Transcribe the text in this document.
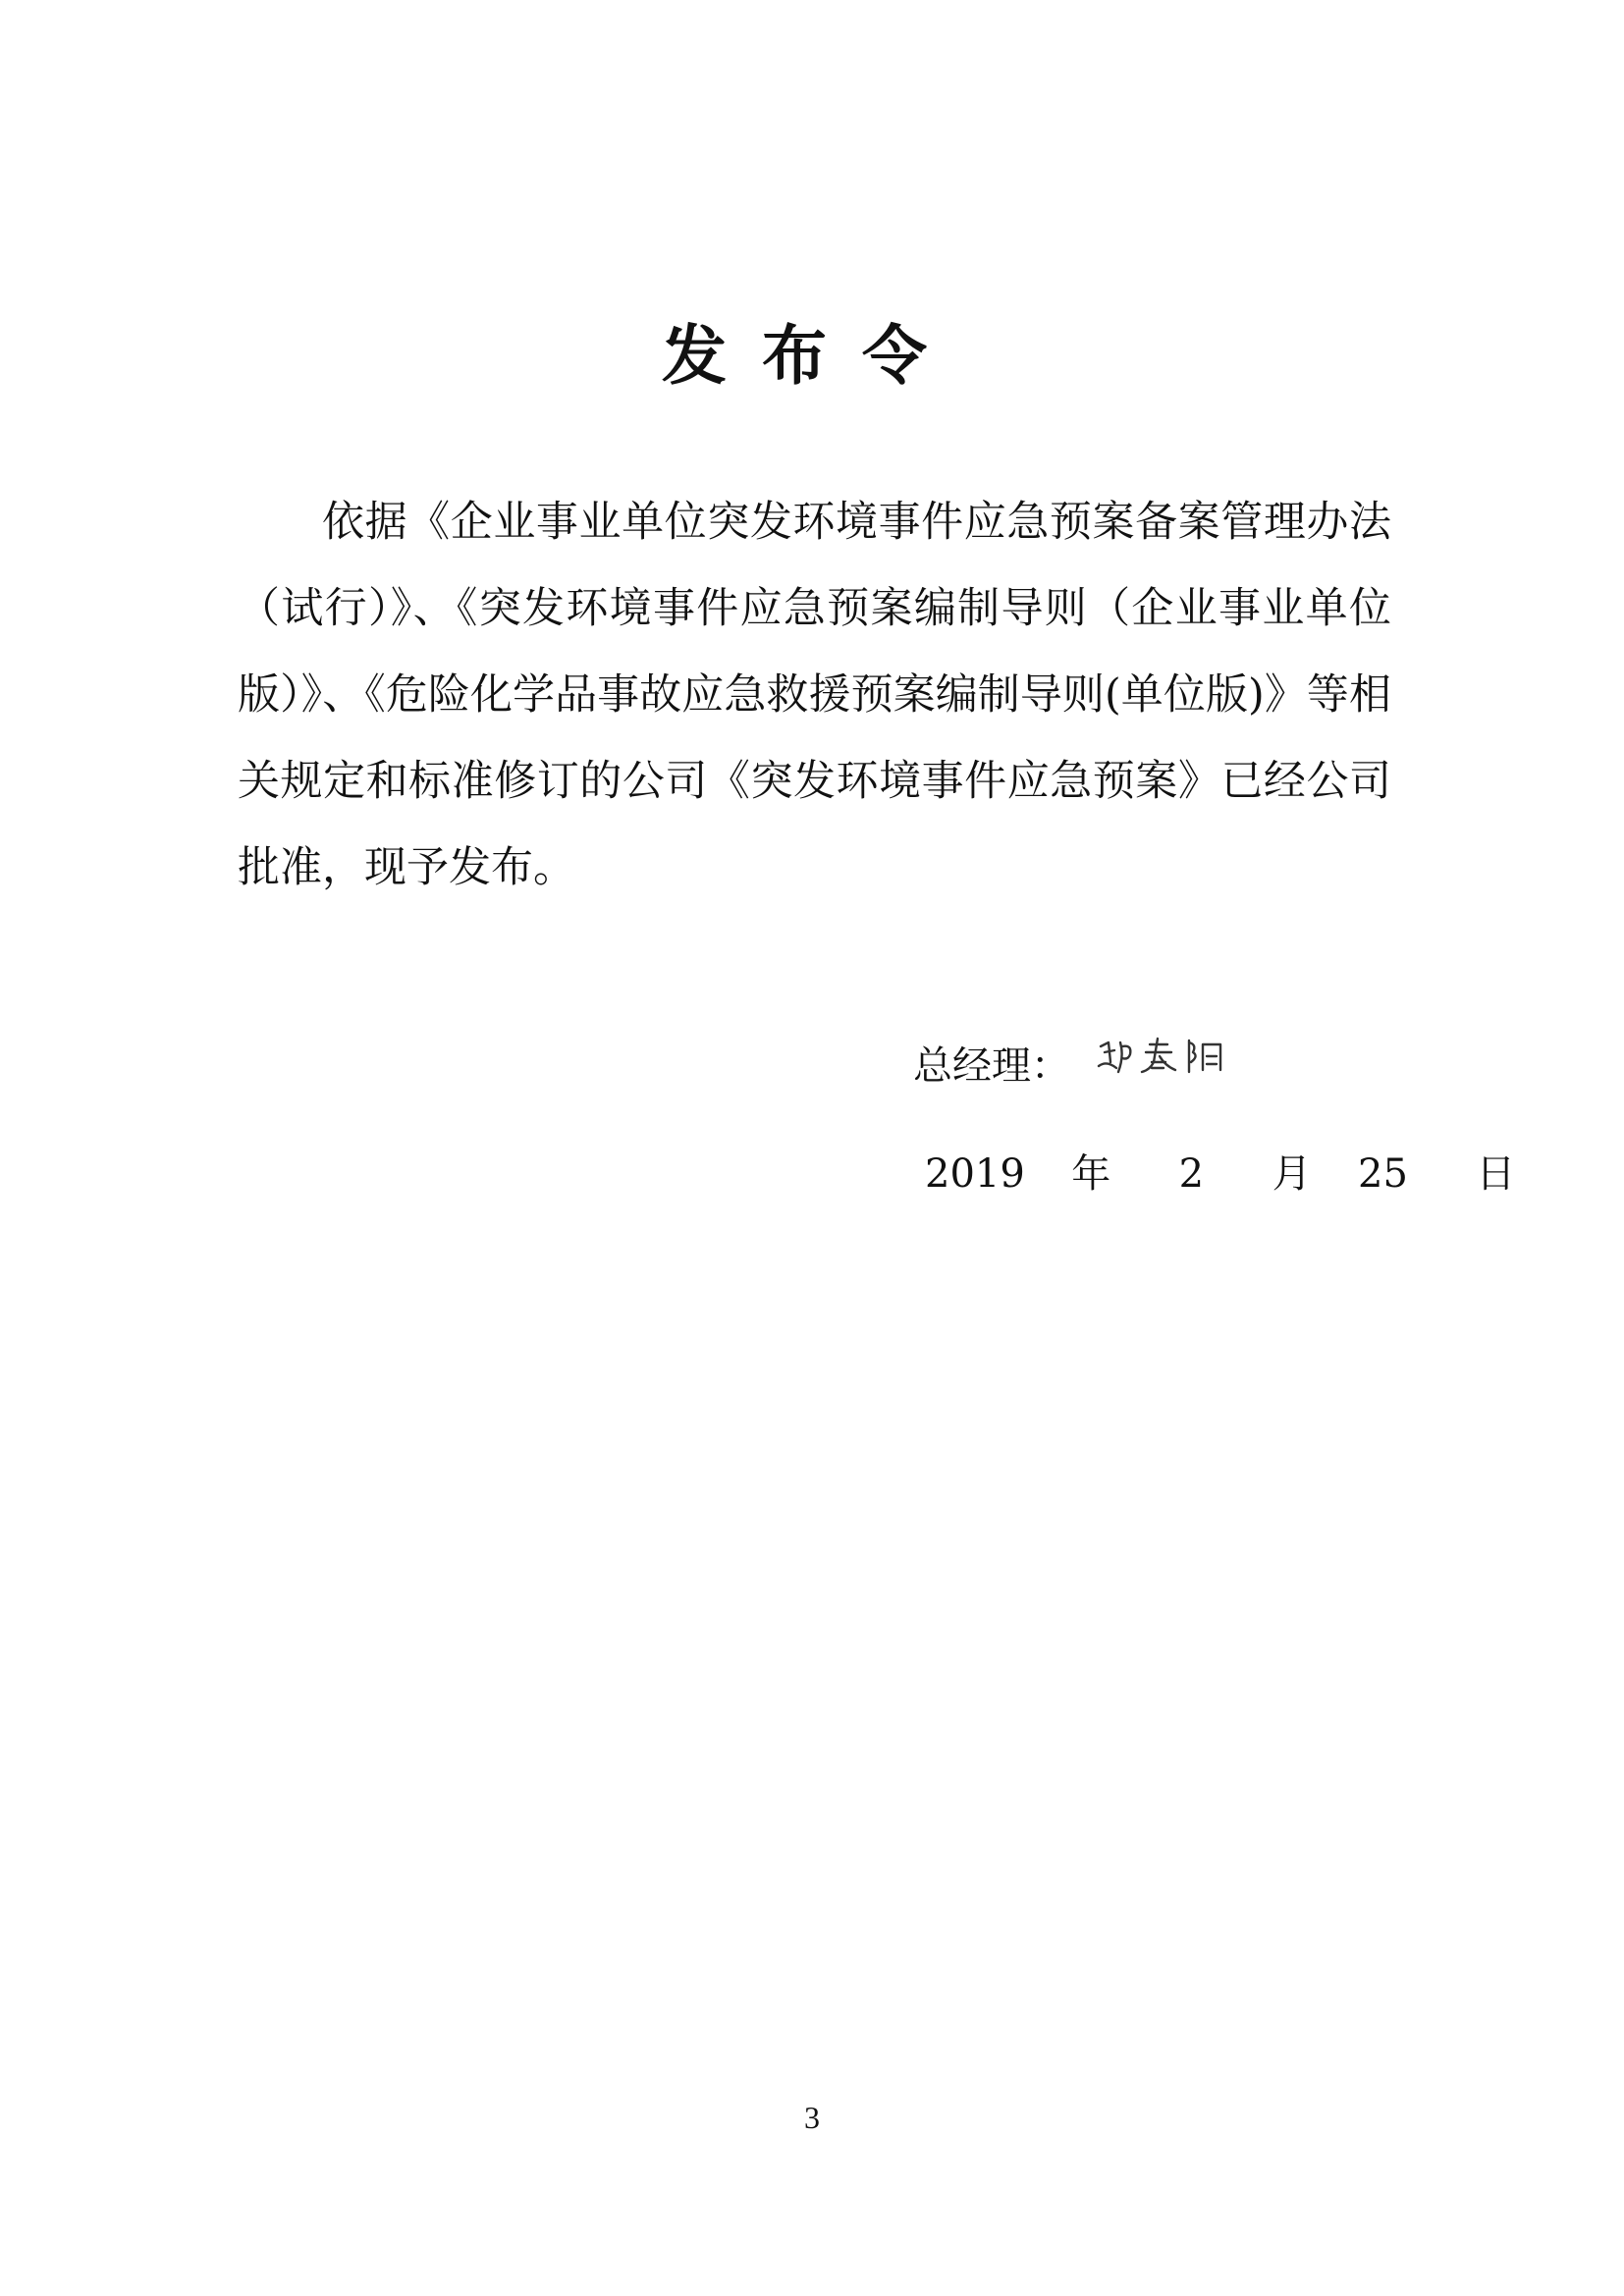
发布令

依据《企业事业单位突发环境事件应急预案备案管理办法（试行）》、《突发环境事件应急预案编制导则（企业事业单位版）》、《危险化学品事故应急救援预案编制导则(单位版)》等相关规定和标准修订的公司《突发环境事件应急预案》已经公司批准，现予发布。

总经理：
2019 年 2 月 25 日
3
